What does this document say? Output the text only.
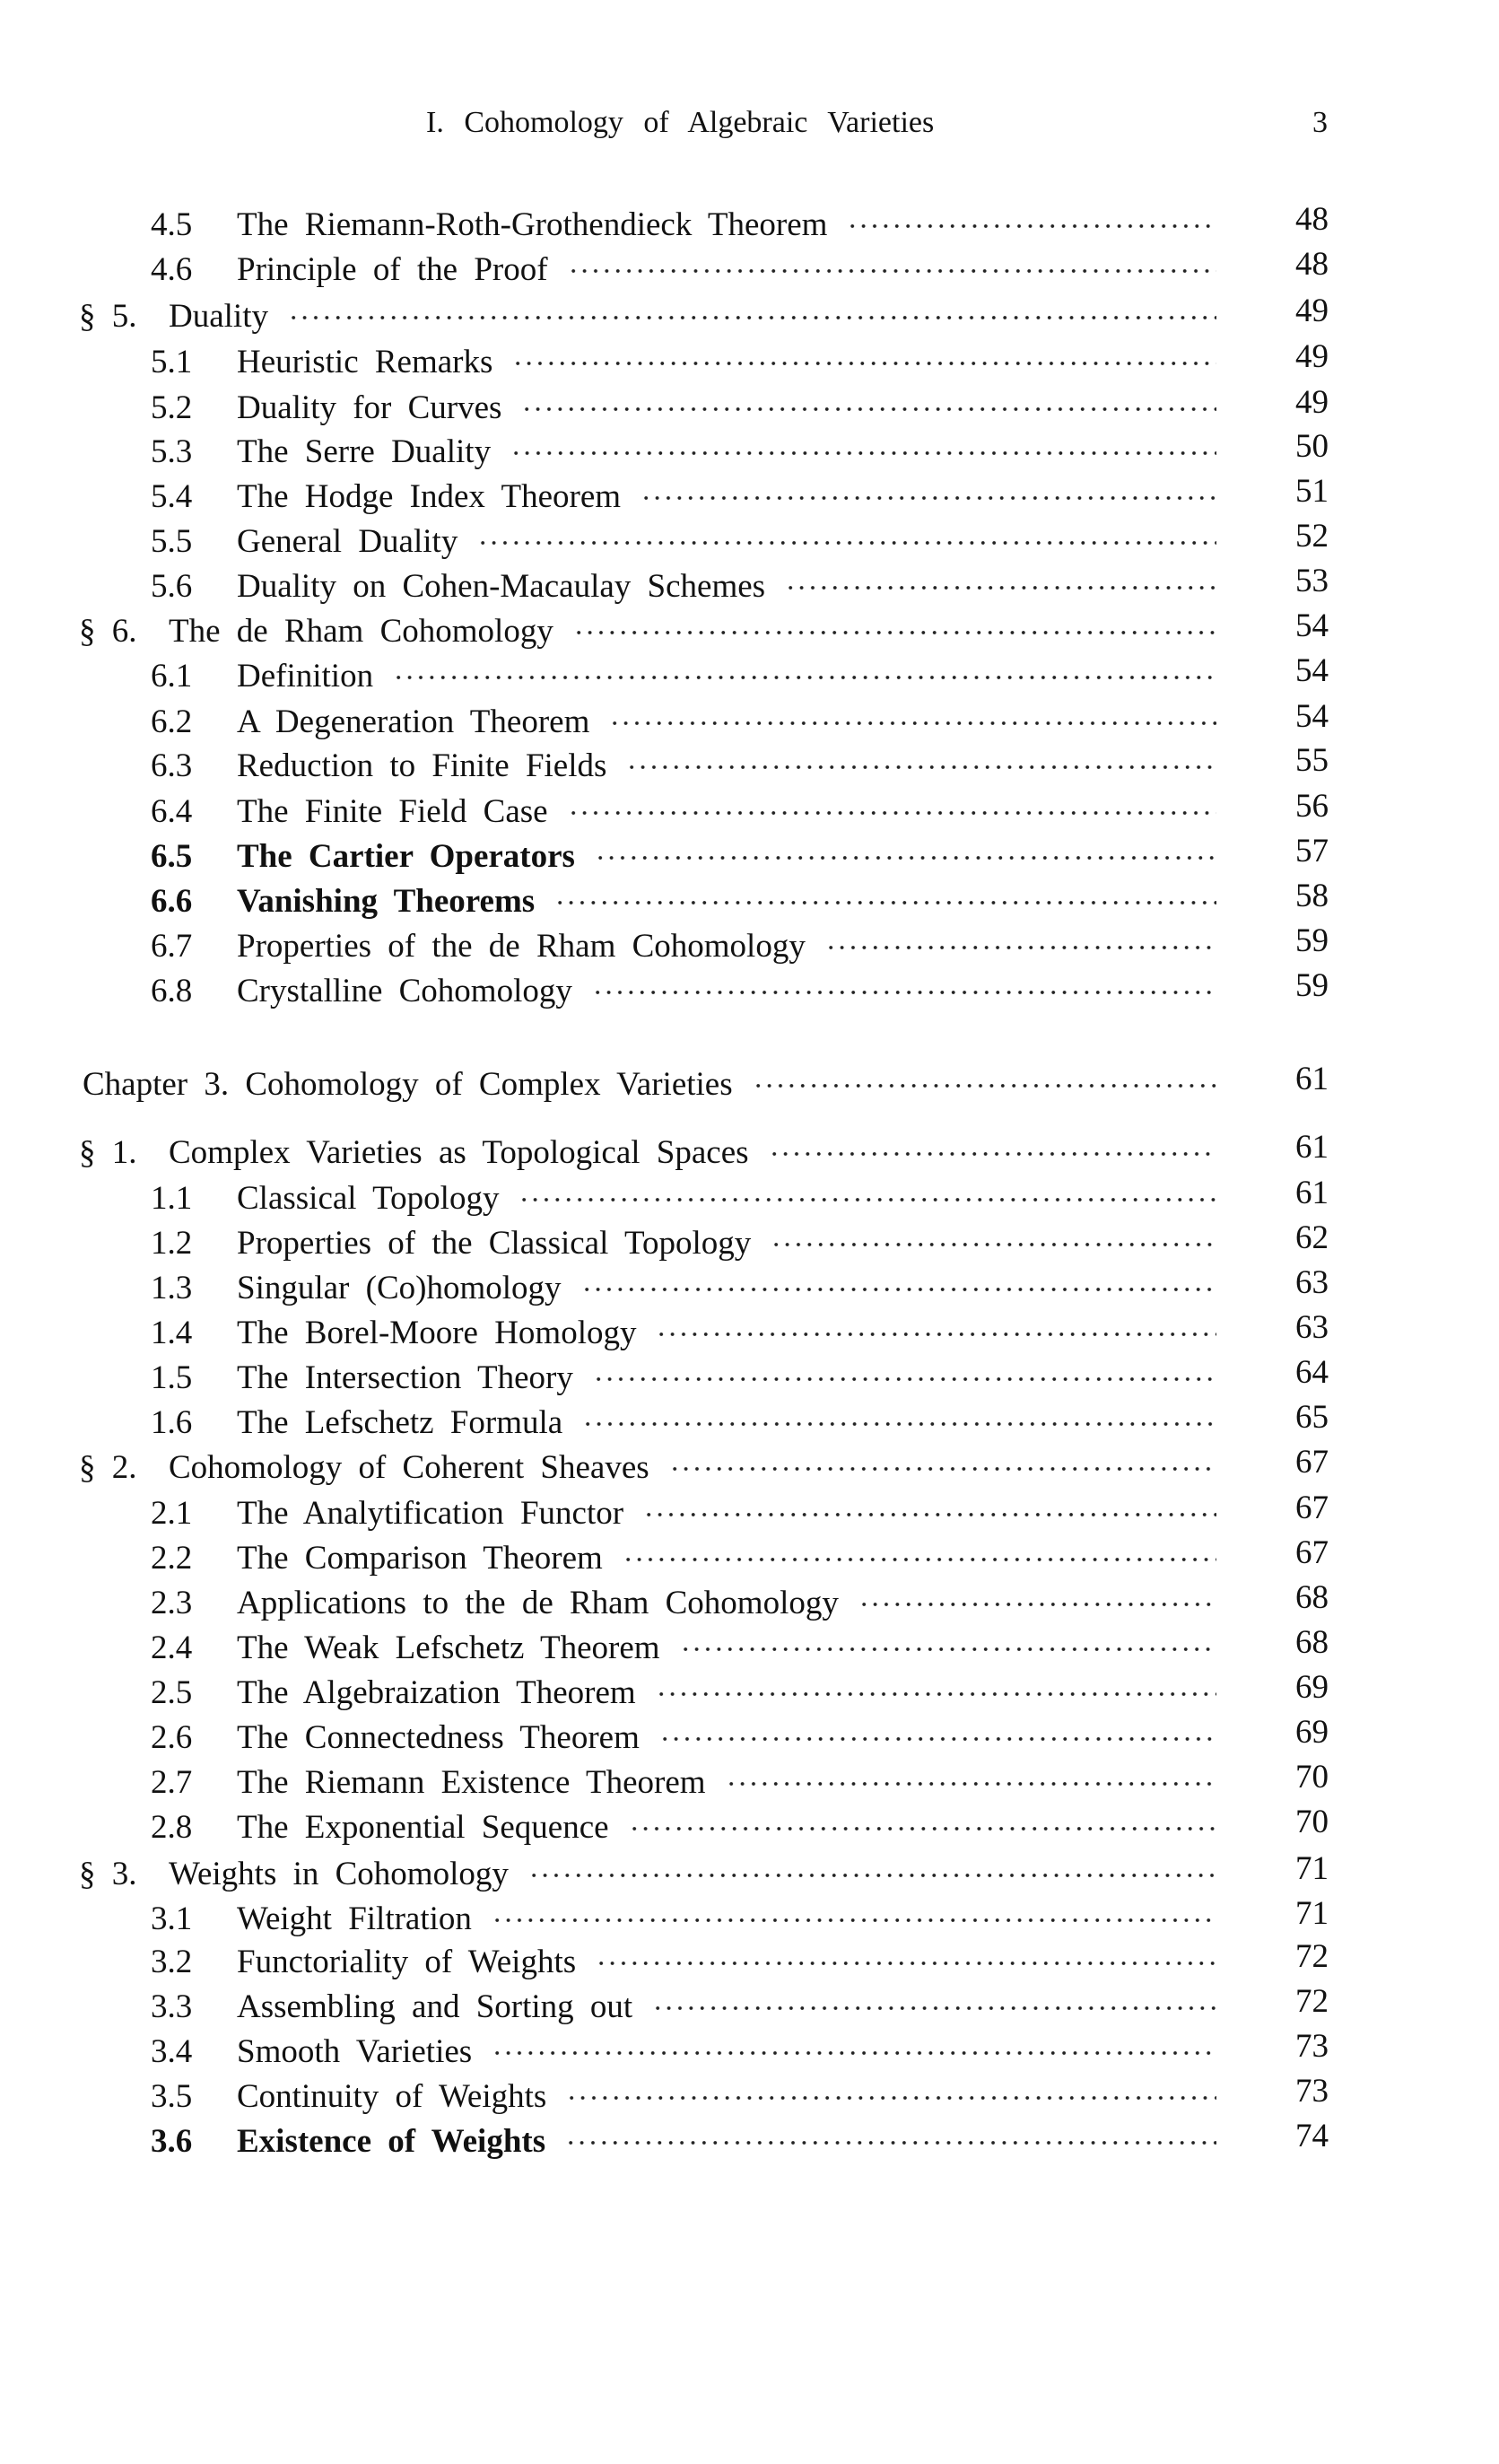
I. Cohomology of Algebraic Varieties	3
4.5 The Riemann-Roth-Grothendieck Theorem	48
4.6 Principle of the Proof	48
§ 5. Duality	49
5.1 Heuristic Remarks	49
5.2 Duality for Curves	49
5.3 The Serre Duality	50
5.4 The Hodge Index Theorem	51
5.5 General Duality	52
5.6 Duality on Cohen-Macaulay Schemes	53
§ 6. The de Rham Cohomology	54
6.1 Definition	54
6.2 A Degeneration Theorem	54
6.3 Reduction to Finite Fields	55
6.4 The Finite Field Case	56
6.5 The Cartier Operators	57
6.6 Vanishing Theorems	58
6.7 Properties of the de Rham Cohomology	59
6.8 Crystalline Cohomology	59
Chapter 3. Cohomology of Complex Varieties	61
§ 1. Complex Varieties as Topological Spaces	61
1.1 Classical Topology	61
1.2 Properties of the Classical Topology	62
1.3 Singular (Co)homology	63
1.4 The Borel-Moore Homology	63
1.5 The Intersection Theory	64
1.6 The Lefschetz Formula	65
§ 2. Cohomology of Coherent Sheaves	67
2.1 The Analytification Functor	67
2.2 The Comparison Theorem	67
2.3 Applications to the de Rham Cohomology	68
2.4 The Weak Lefschetz Theorem	68
2.5 The Algebraization Theorem	69
2.6 The Connectedness Theorem	69
2.7 The Riemann Existence Theorem	70
2.8 The Exponential Sequence	70
§ 3. Weights in Cohomology	71
3.1 Weight Filtration	71
3.2 Functoriality of Weights	72
3.3 Assembling and Sorting out	72
3.4 Smooth Varieties	73
3.5 Continuity of Weights	73
3.6 Existence of Weights	74
